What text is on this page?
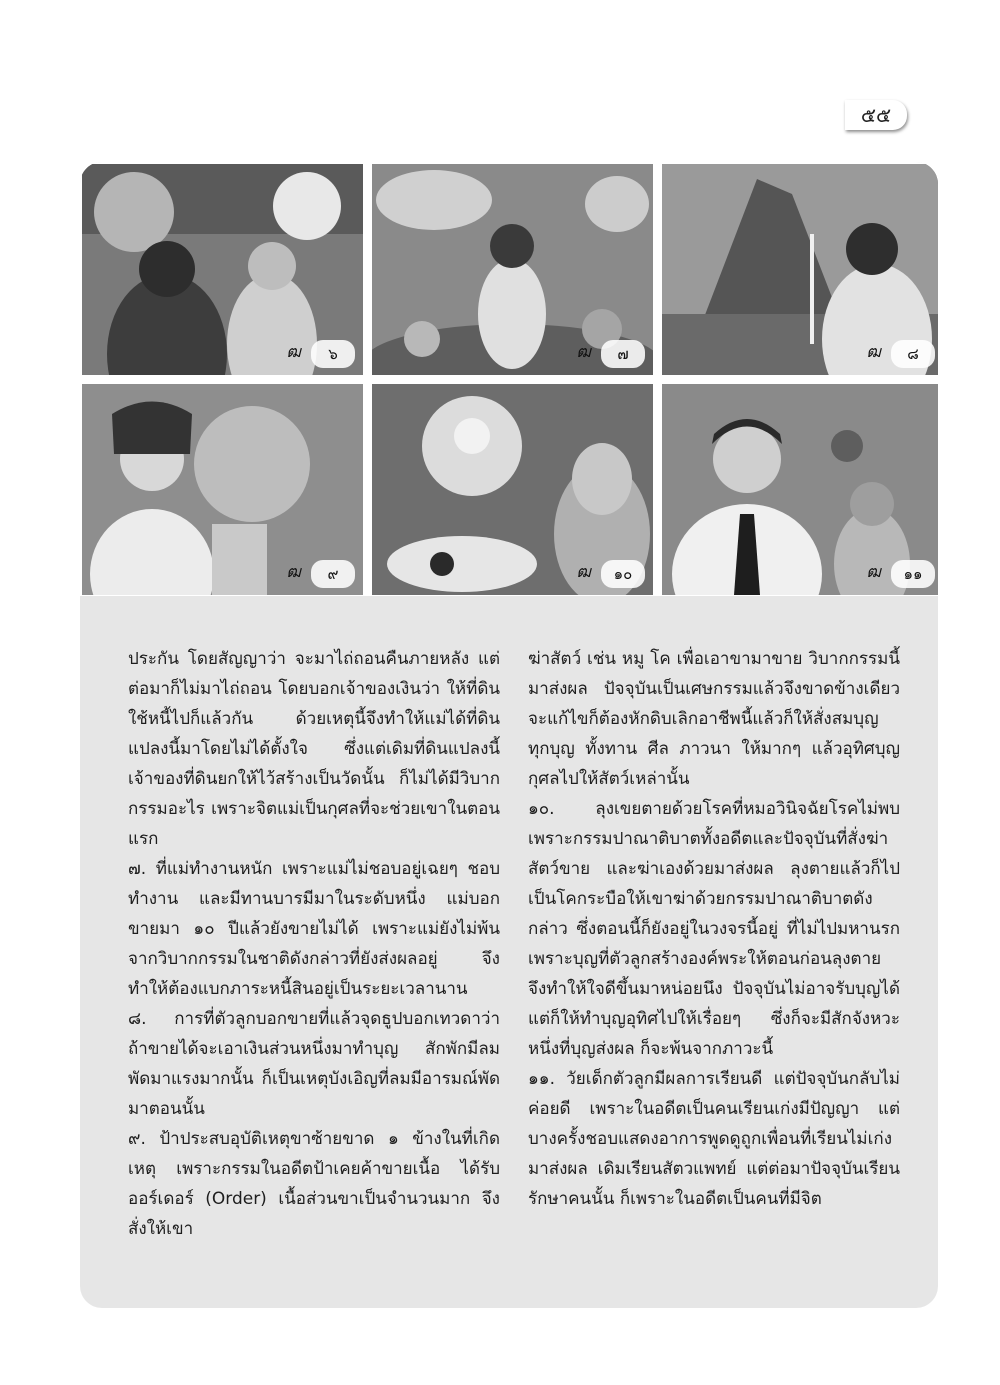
๕๕
ฒ	๖	ฒ	๗	ฒ	๘
ฒ	๙	ฒ	๑๐	ฒ	๑๑

ประกัน โดยสัญญาว่า จะมาไถ่ถอนคืนภายหลัง แต่ต่อมาก็ไม่มาไถ่ถอน โดยบอกเจ้าของเงินว่า ให้ที่ดินใช้หนี้ไปก็แล้วกัน ด้วยเหตุนี้จึงทำให้แม่ได้ที่ดินแปลงนี้มาโดยไม่ได้ตั้งใจ ซึ่งแต่เดิมที่ดินแปลงนี้เจ้าของที่ดินยกให้ไว้สร้างเป็นวัดนั้น ก็ไม่ได้มีวิบากกรรมอะไร เพราะจิตแม่เป็นกุศลที่จะช่วยเขาในตอนแรก

๗. ที่แม่ทำงานหนัก เพราะแม่ไม่ชอบอยู่เฉยๆ ชอบทำงาน และมีทานบารมีมาในระดับหนึ่ง แม่บอกขายมา ๑๐ ปีแล้วยังขายไม่ได้ เพราะแม่ยังไม่พ้นจากวิบากกรรมในชาติดังกล่าวที่ยังส่งผลอยู่ จึงทำให้ต้องแบกภาระหนี้สินอยู่เป็นระยะเวลานาน

๘. การที่ตัวลูกบอกขายที่แล้วจุดธูปบอกเทวดาว่า ถ้าขายได้จะเอาเงินส่วนหนึ่งมาทำบุญ สักพักมีลมพัดมาแรงมากนั้น ก็เป็นเหตุบังเอิญที่ลมมีอารมณ์พัดมาตอนนั้น

๙. ป้าประสบอุบัติเหตุขาซ้ายขาด ๑ ข้างในที่เกิดเหตุ เพราะกรรมในอดีตป้าเคยค้าขายเนื้อ ได้รับออร์เดอร์ (Order) เนื้อส่วนขาเป็นจำนวนมาก จึงสั่งให้เขา

ฆ่าสัตว์ เช่น หมู โค เพื่อเอาขามาขาย วิบากกรรมนี้มาส่งผล ปัจจุบันเป็นเศษกรรมแล้วจึงขาดข้างเดียว จะแก้ไขก็ต้องหักดิบเลิกอาชีพนี้แล้วก็ให้สั่งสมบุญทุกบุญ ทั้งทาน ศีล ภาวนา ให้มากๆ แล้วอุทิศบุญกุศลไปให้สัตว์เหล่านั้น

๑๐. ลุงเขยตายด้วยโรคที่หมอวินิจฉัยโรคไม่พบ เพราะกรรมปาณาติบาตทั้งอดีตและปัจจุบันที่สั่งฆ่าสัตว์ขาย และฆ่าเองด้วยมาส่งผล ลุงตายแล้วก็ไปเป็นโคกระบือให้เขาฆ่าด้วยกรรมปาณาติบาตดังกล่าว ซึ่งตอนนี้ก็ยังอยู่ในวงจรนี้อยู่ ที่ไม่ไปมหานรก เพราะบุญที่ตัวลูกสร้างองค์พระให้ตอนก่อนลุงตาย จึงทำให้ใจดีขึ้นมาหน่อยนึง ปัจจุบันไม่อาจรับบุญได้ แต่ก็ให้ทำบุญอุทิศไปให้เรื่อยๆ ซึ่งก็จะมีสักจังหวะหนึ่งที่บุญส่งผล ก็จะพ้นจากภาวะนี้

๑๑. วัยเด็กตัวลูกมีผลการเรียนดี แต่ปัจจุบันกลับไม่ค่อยดี เพราะในอดีตเป็นคนเรียนเก่งมีปัญญา แต่บางครั้งชอบแสดงอาการพูดดูถูกเพื่อนที่เรียนไม่เก่งมาส่งผล เดิมเรียนสัตวแพทย์ แต่ต่อมาปัจจุบันเรียนรักษาคนนั้น ก็เพราะในอดีตเป็นคนที่มีจิต
